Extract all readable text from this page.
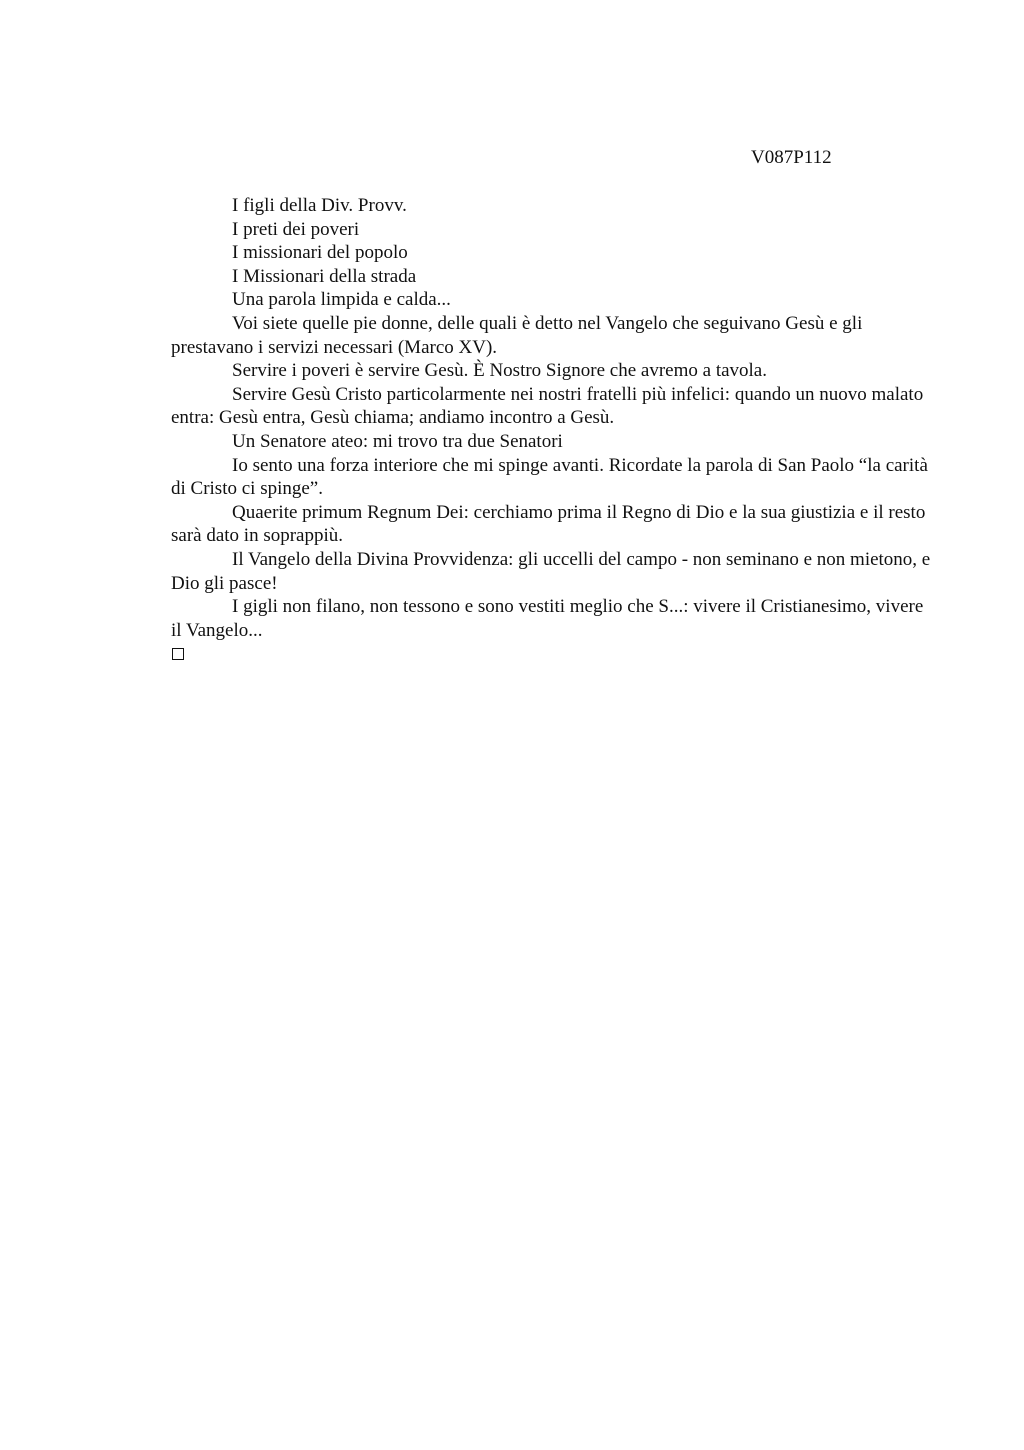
V087P112

I figli della Div. Provv.

I preti dei poveri

I missionari del popolo

I Missionari della strada

Una parola limpida e calda...

Voi siete quelle pie donne, delle quali è detto nel Vangelo che seguivano Gesù e gli prestavano i servizi necessari (Marco XV).

Servire i poveri è servire Gesù. È Nostro Signore che avremo a tavola.

Servire Gesù Cristo particolarmente nei nostri fratelli più infelici: quando un nuovo malato entra: Gesù entra, Gesù chiama; andiamo incontro a Gesù.

Un Senatore ateo: mi trovo tra due Senatori

Io sento una forza interiore che mi spinge avanti. Ricordate la parola di San Paolo “la carità di Cristo ci spinge”.

Quaerite primum Regnum Dei: cerchiamo prima il Regno di Dio e la sua giustizia e il resto sarà dato in soprappiù.

Il Vangelo della Divina Provvidenza: gli uccelli del campo - non seminano e non mietono, e Dio gli pasce!

I gigli non filano, non tessono e sono vestiti meglio che S...: vivere il Cristianesimo, vivere il Vangelo...
